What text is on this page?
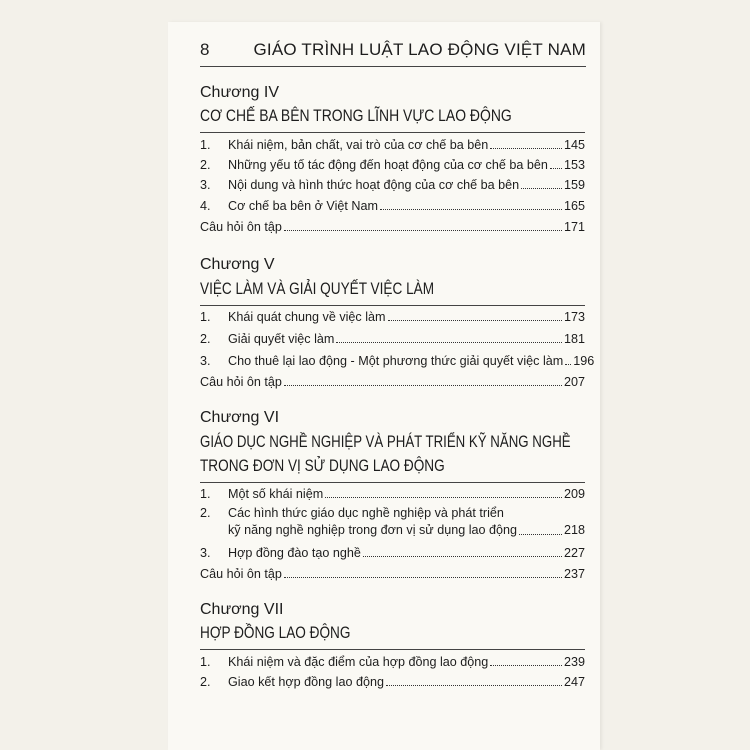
8	GIÁO TRÌNH LUẬT LAO ĐỘNG VIỆT NAM
Chương IV
CƠ CHẾ BA BÊN TRONG LĨNH VỰC LAO ĐỘNG
1.	Khái niệm, bản chất, vai trò của cơ chế ba bên	145
2.	Những yếu tố tác động đến hoạt động của cơ chế ba bên 153
3.	Nội dung và hình thức hoạt động của cơ chế ba bên	159
4.	Cơ chế ba bên ở Việt Nam	165
Câu hỏi ôn tập	171
Chương V
VIỆC LÀM VÀ GIẢI QUYẾT VIỆC LÀM
1.	Khái quát chung về việc làm	173
2.	Giải quyết việc làm	181
3.	Cho thuê lại lao động - Một phương thức giải quyết việc làm 196
Câu hỏi ôn tập	207
Chương VI
GIÁO DỤC NGHỀ NGHIỆP VÀ PHÁT TRIỂN KỸ NĂNG NGHỀ
TRONG ĐƠN VỊ SỬ DỤNG LAO ĐỘNG
1.	Một số khái niệm	209
2.	Các hình thức giáo dục nghề nghiệp và phát triển
kỹ năng nghề nghiệp trong đơn vị sử dụng lao động	218
3.	Hợp đồng đào tạo nghề	227
Câu hỏi ôn tập	237
Chương VII
HỢP ĐỒNG LAO ĐỘNG
1.	Khái niệm và đặc điểm của hợp đồng lao động	239
2.	Giao kết hợp đồng lao động	247
